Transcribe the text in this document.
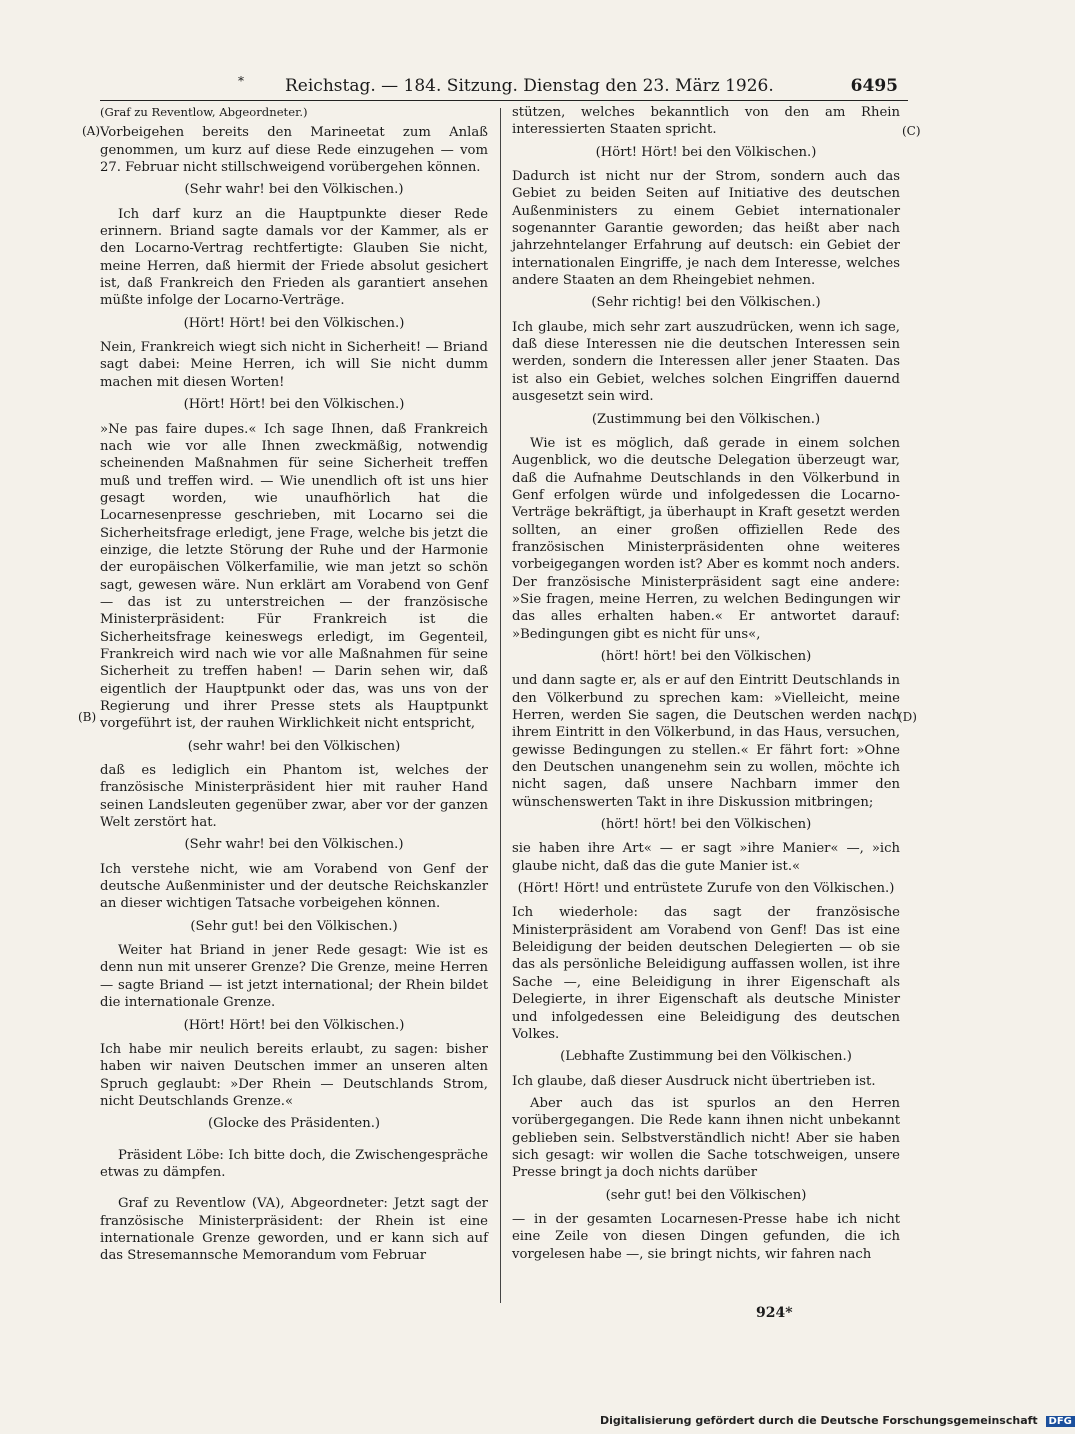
* Reichstag. — 184. Sitzung. Dienstag den 23. März 1926.	6495
(A)
(B)
(C)
(D)

(Graf zu Reventlow, Abgeordneter.)

Vorbeigehen bereits den Marineetat zum Anlaß genommen, um kurz auf diese Rede einzugehen — vom 27. Februar nicht stillschweigend vorübergehen können.

(Sehr wahr! bei den Völkischen.)

Ich darf kurz an die Hauptpunkte dieser Rede erinnern. Briand sagte damals vor der Kammer, als er den Locarno-Vertrag rechtfertigte: Glauben Sie nicht, meine Herren, daß hiermit der Friede absolut gesichert ist, daß Frankreich den Frieden als garantiert ansehen müßte infolge der Locarno-Verträge.

(Hört! Hört! bei den Völkischen.)

Nein, Frankreich wiegt sich nicht in Sicherheit! — Briand sagt dabei: Meine Herren, ich will Sie nicht dumm machen mit diesen Worten!

(Hört! Hört! bei den Völkischen.)

»Ne pas faire dupes.« Ich sage Ihnen, daß Frankreich nach wie vor alle Ihnen zweckmäßig, notwendig scheinenden Maßnahmen für seine Sicherheit treffen muß und treffen wird. — Wie unendlich oft ist uns hier gesagt worden, wie unaufhörlich hat die Locarnesenpresse geschrieben, mit Locarno sei die Sicherheitsfrage erledigt, jene Frage, welche bis jetzt die einzige, die letzte Störung der Ruhe und der Harmonie der europäischen Völkerfamilie, wie man jetzt so schön sagt, gewesen wäre. Nun erklärt am Vorabend von Genf — das ist zu unterstreichen — der französische Ministerpräsident: Für Frankreich ist die Sicherheitsfrage keineswegs erledigt, im Gegenteil, Frankreich wird nach wie vor alle Maßnahmen für seine Sicherheit zu treffen haben! — Darin sehen wir, daß eigentlich der Hauptpunkt oder das, was uns von der Regierung und ihrer Presse stets als Hauptpunkt vorgeführt ist, der rauhen Wirklichkeit nicht entspricht,

(sehr wahr! bei den Völkischen)

daß es lediglich ein Phantom ist, welches der französische Ministerpräsident hier mit rauher Hand seinen Landsleuten gegenüber zwar, aber vor der ganzen Welt zerstört hat.

(Sehr wahr! bei den Völkischen.)

Ich verstehe nicht, wie am Vorabend von Genf der deutsche Außenminister und der deutsche Reichskanzler an dieser wichtigen Tatsache vorbeigehen können.

(Sehr gut! bei den Völkischen.)

Weiter hat Briand in jener Rede gesagt: Wie ist es denn nun mit unserer Grenze? Die Grenze, meine Herren — sagte Briand — ist jetzt international; der Rhein bildet die internationale Grenze.

(Hört! Hört! bei den Völkischen.)

Ich habe mir neulich bereits erlaubt, zu sagen: bisher haben wir naiven Deutschen immer an unseren alten Spruch geglaubt: »Der Rhein — Deutschlands Strom, nicht Deutschlands Grenze.«

(Glocke des Präsidenten.)

Präsident Löbe: Ich bitte doch, die Zwischengespräche etwas zu dämpfen.

Graf zu Reventlow (VA), Abgeordneter: Jetzt sagt der französische Ministerpräsident: der Rhein ist eine internationale Grenze geworden, und er kann sich auf das Stresemannsche Memorandum vom Februar

stützen, welches bekanntlich von den am Rhein interessierten Staaten spricht.

(Hört! Hört! bei den Völkischen.)

Dadurch ist nicht nur der Strom, sondern auch das Gebiet zu beiden Seiten auf Initiative des deutschen Außenministers zu einem Gebiet internationaler sogenannter Garantie geworden; das heißt aber nach jahrzehntelanger Erfahrung auf deutsch: ein Gebiet der internationalen Eingriffe, je nach dem Interesse, welches andere Staaten an dem Rheingebiet nehmen.

(Sehr richtig! bei den Völkischen.)

Ich glaube, mich sehr zart auszudrücken, wenn ich sage, daß diese Interessen nie die deutschen Interessen sein werden, sondern die Interessen aller jener Staaten. Das ist also ein Gebiet, welches solchen Eingriffen dauernd ausgesetzt sein wird.

(Zustimmung bei den Völkischen.)

Wie ist es möglich, daß gerade in einem solchen Augenblick, wo die deutsche Delegation überzeugt war, daß die Aufnahme Deutschlands in den Völkerbund in Genf erfolgen würde und infolgedessen die Locarno-Verträge bekräftigt, ja überhaupt in Kraft gesetzt werden sollten, an einer großen offiziellen Rede des französischen Ministerpräsidenten ohne weiteres vorbeigegangen worden ist? Aber es kommt noch anders. Der französische Ministerpräsident sagt eine andere: »Sie fragen, meine Herren, zu welchen Bedingungen wir das alles erhalten haben.« Er antwortet darauf: »Bedingungen gibt es nicht für uns«,

(hört! hört! bei den Völkischen)

und dann sagte er, als er auf den Eintritt Deutschlands in den Völkerbund zu sprechen kam: »Vielleicht, meine Herren, werden Sie sagen, die Deutschen werden nach ihrem Eintritt in den Völkerbund, in das Haus, versuchen, gewisse Bedingungen zu stellen.« Er fährt fort: »Ohne den Deutschen unangenehm sein zu wollen, möchte ich nicht sagen, daß unsere Nachbarn immer den wünschenswerten Takt in ihre Diskussion mitbringen;

(hört! hört! bei den Völkischen)

sie haben ihre Art« — er sagt »ihre Manier« —, »ich glaube nicht, daß das die gute Manier ist.«

(Hört! Hört! und entrüstete Zurufe von den Völkischen.)

Ich wiederhole: das sagt der französische Ministerpräsident am Vorabend von Genf! Das ist eine Beleidigung der beiden deutschen Delegierten — ob sie das als persönliche Beleidigung auffassen wollen, ist ihre Sache —, eine Beleidigung in ihrer Eigenschaft als Delegierte, in ihrer Eigenschaft als deutsche Minister und infolgedessen eine Beleidigung des deutschen Volkes.

(Lebhafte Zustimmung bei den Völkischen.)

Ich glaube, daß dieser Ausdruck nicht übertrieben ist.

Aber auch das ist spurlos an den Herren vorübergegangen. Die Rede kann ihnen nicht unbekannt geblieben sein. Selbstverständlich nicht! Aber sie haben sich gesagt: wir wollen die Sache totschweigen, unsere Presse bringt ja doch nichts darüber

(sehr gut! bei den Völkischen)

— in der gesamten Locarnesen-Presse habe ich nicht eine Zeile von diesen Dingen gefunden, die ich vorgelesen habe —, sie bringt nichts, wir fahren nach

924*
Digitalisierung gefördert durch die Deutsche Forschungsgemeinschaft DFG
